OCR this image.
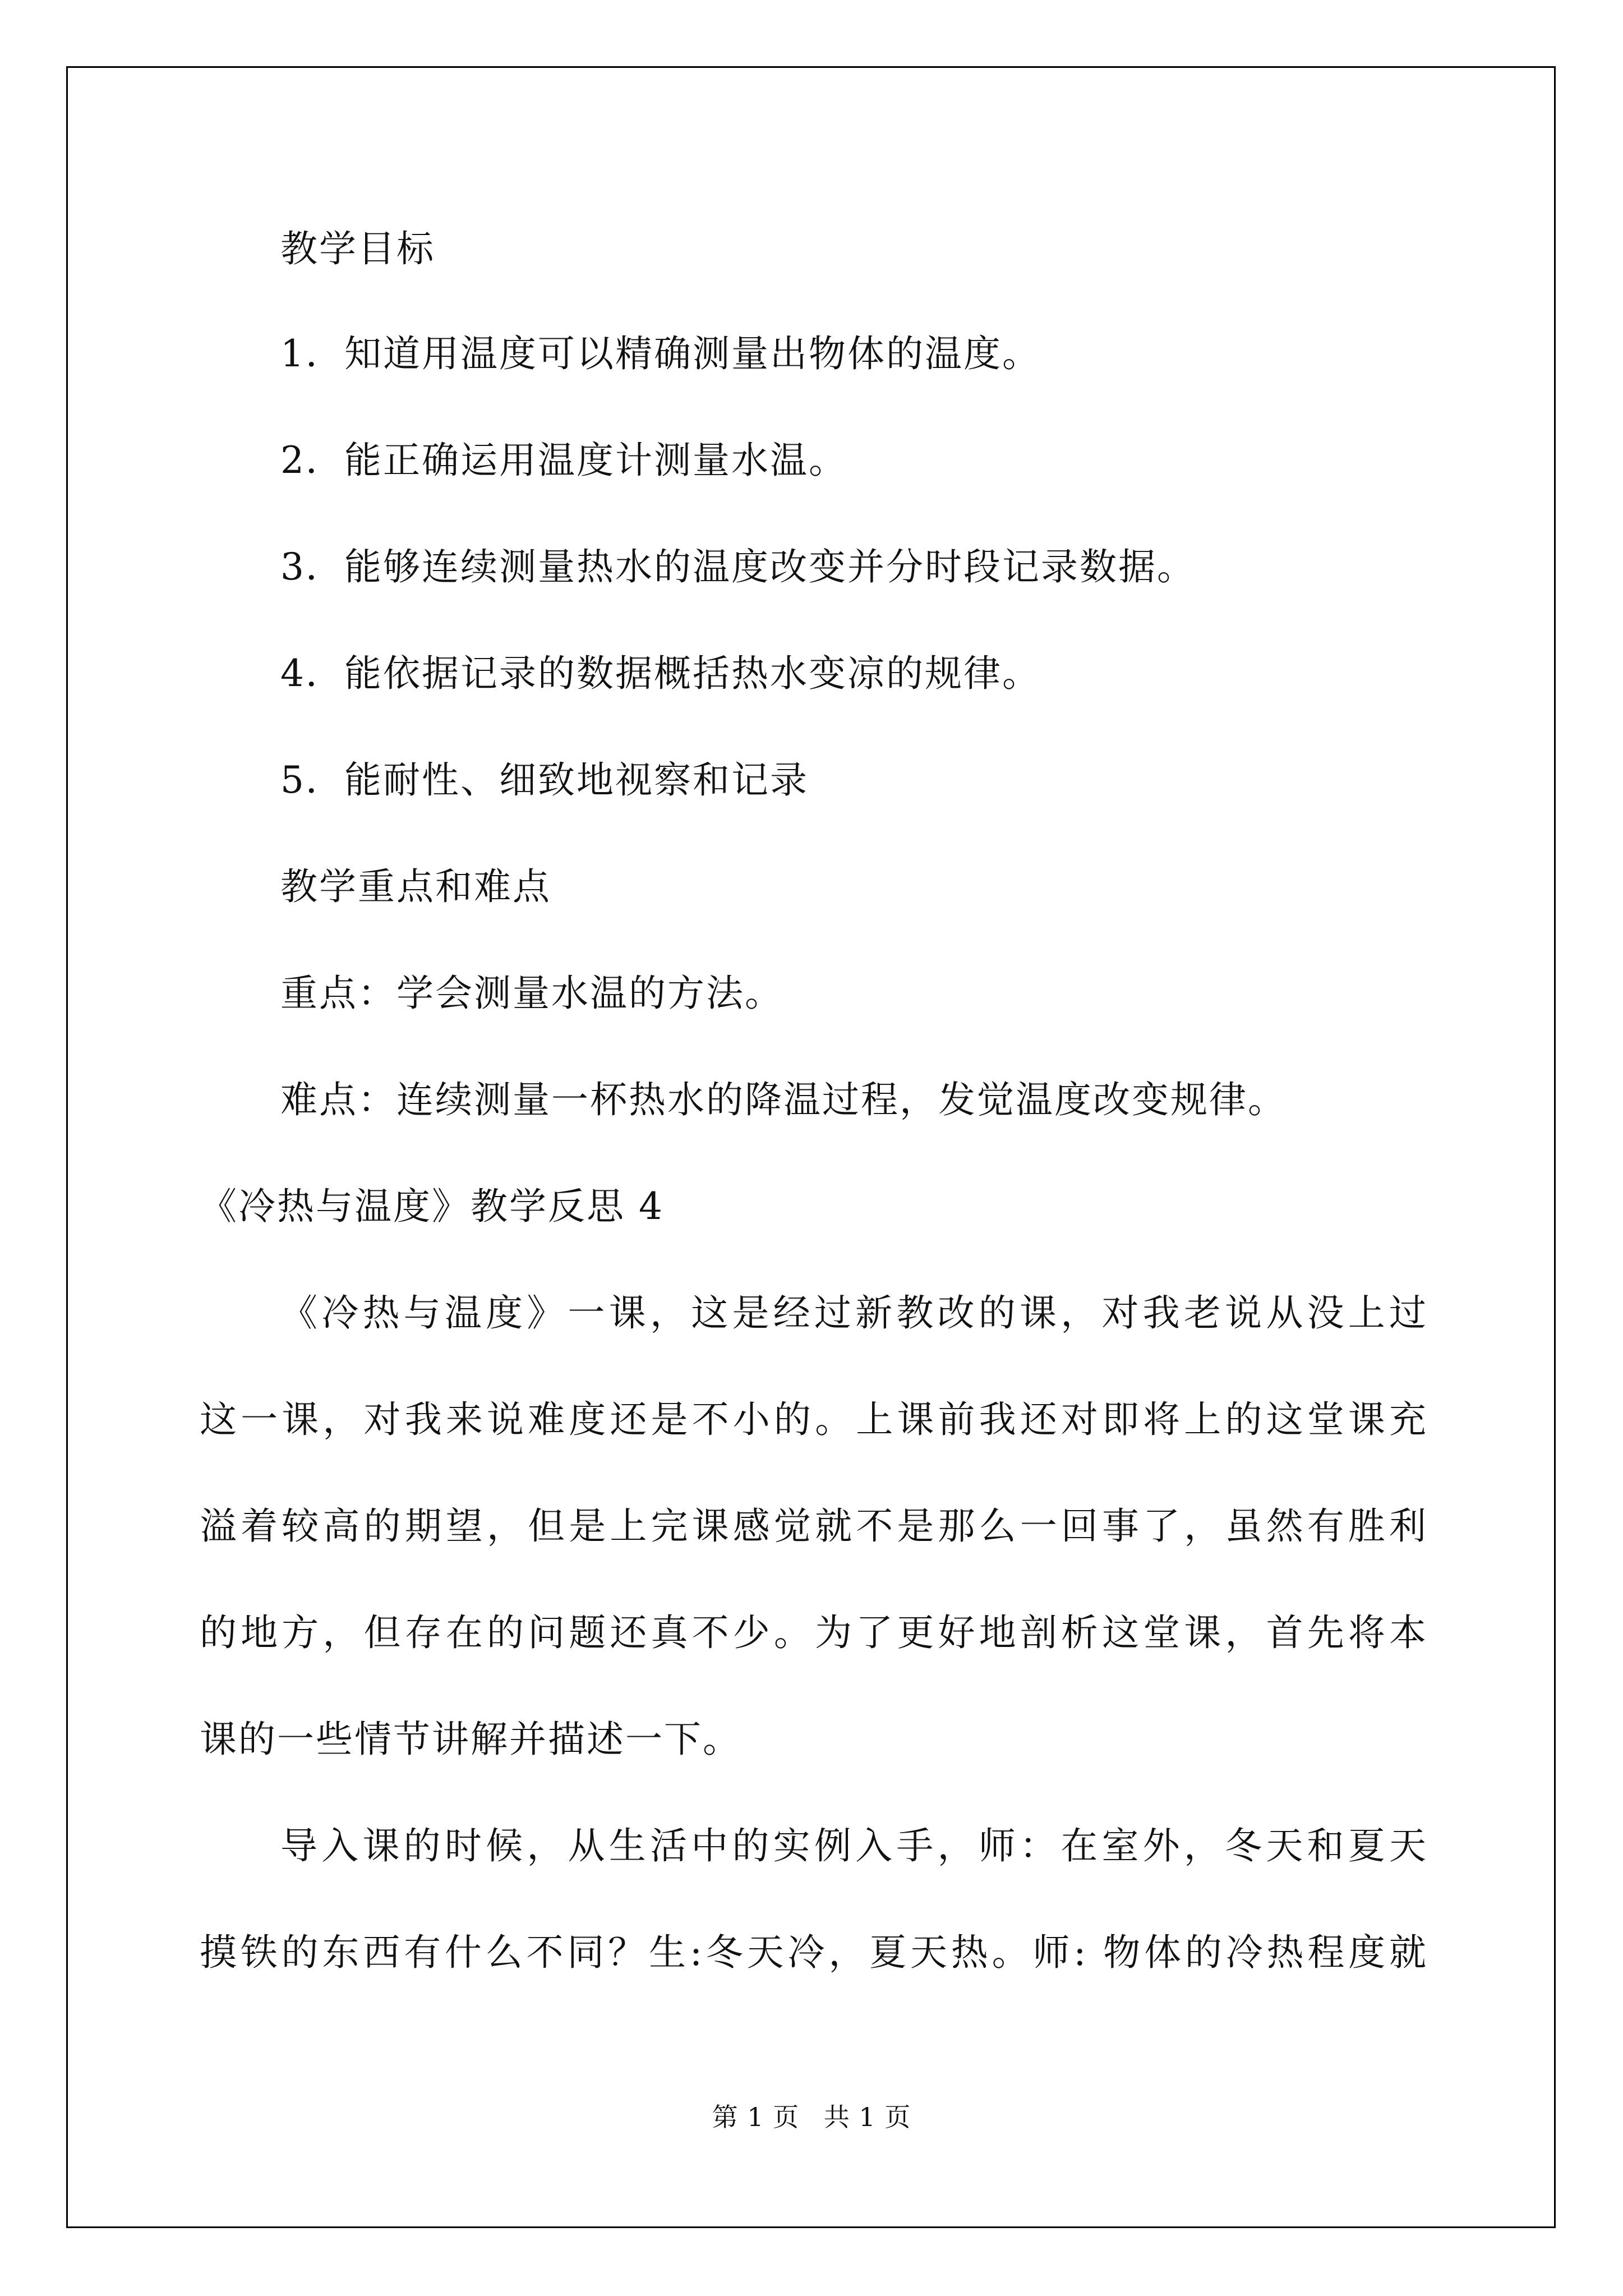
教学目标
1．知道用温度可以精确测量出物体的温度。
2．能正确运用温度计测量水温。
3．能够连续测量热水的温度改变并分时段记录数据。
4．能依据记录的数据概括热水变凉的规律。
5．能耐性、细致地视察和记录
教学重点和难点
重点：学会测量水温的方法。
难点：连续测量一杯热水的降温过程，发觉温度改变规律。
《冷热与温度》教学反思 4
《冷热与温度》一课，这是经过新教改的课，对我老说从没上过
这一课，对我来说难度还是不小的。上课前我还对即将上的这堂课充
溢着较高的期望，但是上完课感觉就不是那么一回事了，虽然有胜利
的地方，但存在的问题还真不少。为了更好地剖析这堂课，首先将本
课的一些情节讲解并描述一下。
导入课的时候，从生活中的实例入手，师：在室外，冬天和夏天
摸铁的东西有什么不同？生:冬天冷，夏天热。师: 物体的冷热程度就
第 1 页 共 1 页
